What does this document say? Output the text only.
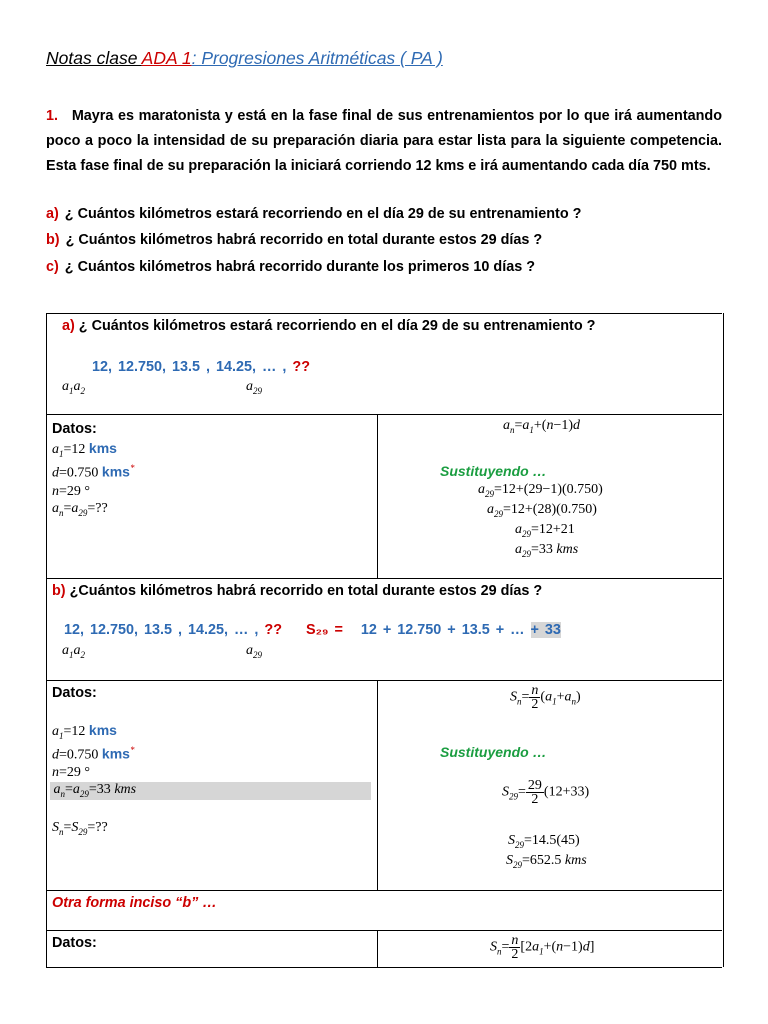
Notas clase ADA 1: Progresiones Aritméticas ( PA )
1. Mayra es maratonista y está en la fase final de sus entrenamientos por lo que irá aumentando poco a poco la intensidad de su preparación diaria para estar lista para la siguiente competencia. Esta fase final de su preparación la iniciará corriendo 12 kms e irá aumentando cada día 750 mts.
a) ¿ Cuántos kilómetros estará recorriendo en el día 29 de su entrenamiento ?
b) ¿ Cuántos kilómetros habrá recorrido en total durante estos 29 días ?
c) ¿ Cuántos kilómetros habrá recorrido durante los primeros 10 días ?
a) ¿ Cuántos kilómetros estará recorriendo en el día 29 de su entrenamiento ?
12, 12.750, 13.5 , 14.25, … , ??
$a_1a_2$	$a_{29}$
Datos:
$a_1=12$ kms
d=0.750 kms*
n=29 °
$a_n=a_{29}=$??
$a_n=a_1+(n-1)d$
Sustituyendo …
$a_{29}=12+(29-1)(0.750)$
$a_{29}=12+(28)(0.750)$
$a_{29}=12+21$
$a_{29}=33$ kms
b) ¿Cuántos kilómetros habrá recorrido en total durante estos 29 días ?
12, 12.750, 13.5 , 14.25, … , ?? S₂₉ = 12 + 12.750 + 13.5 + … + 33
$a_1a_2$	$a_{29}$
Datos:
$a_1=12$ kms
d=0.750 kms*
n=29 °
$a_n=a_{29}=33$ kms
$S_n=S_{29}=$??
$S_n= \frac{n}{2} (a_1+a_n)$
Sustituyendo …
$S_{29}= \frac{29}{2} (12+33)$
$S_{29}=14.5(45)$
$S_{29}=652.5$ kms
Otra forma inciso “b” …
Datos:	$S_n= \frac{n}{2} [2a_1+(n-1)d]$
